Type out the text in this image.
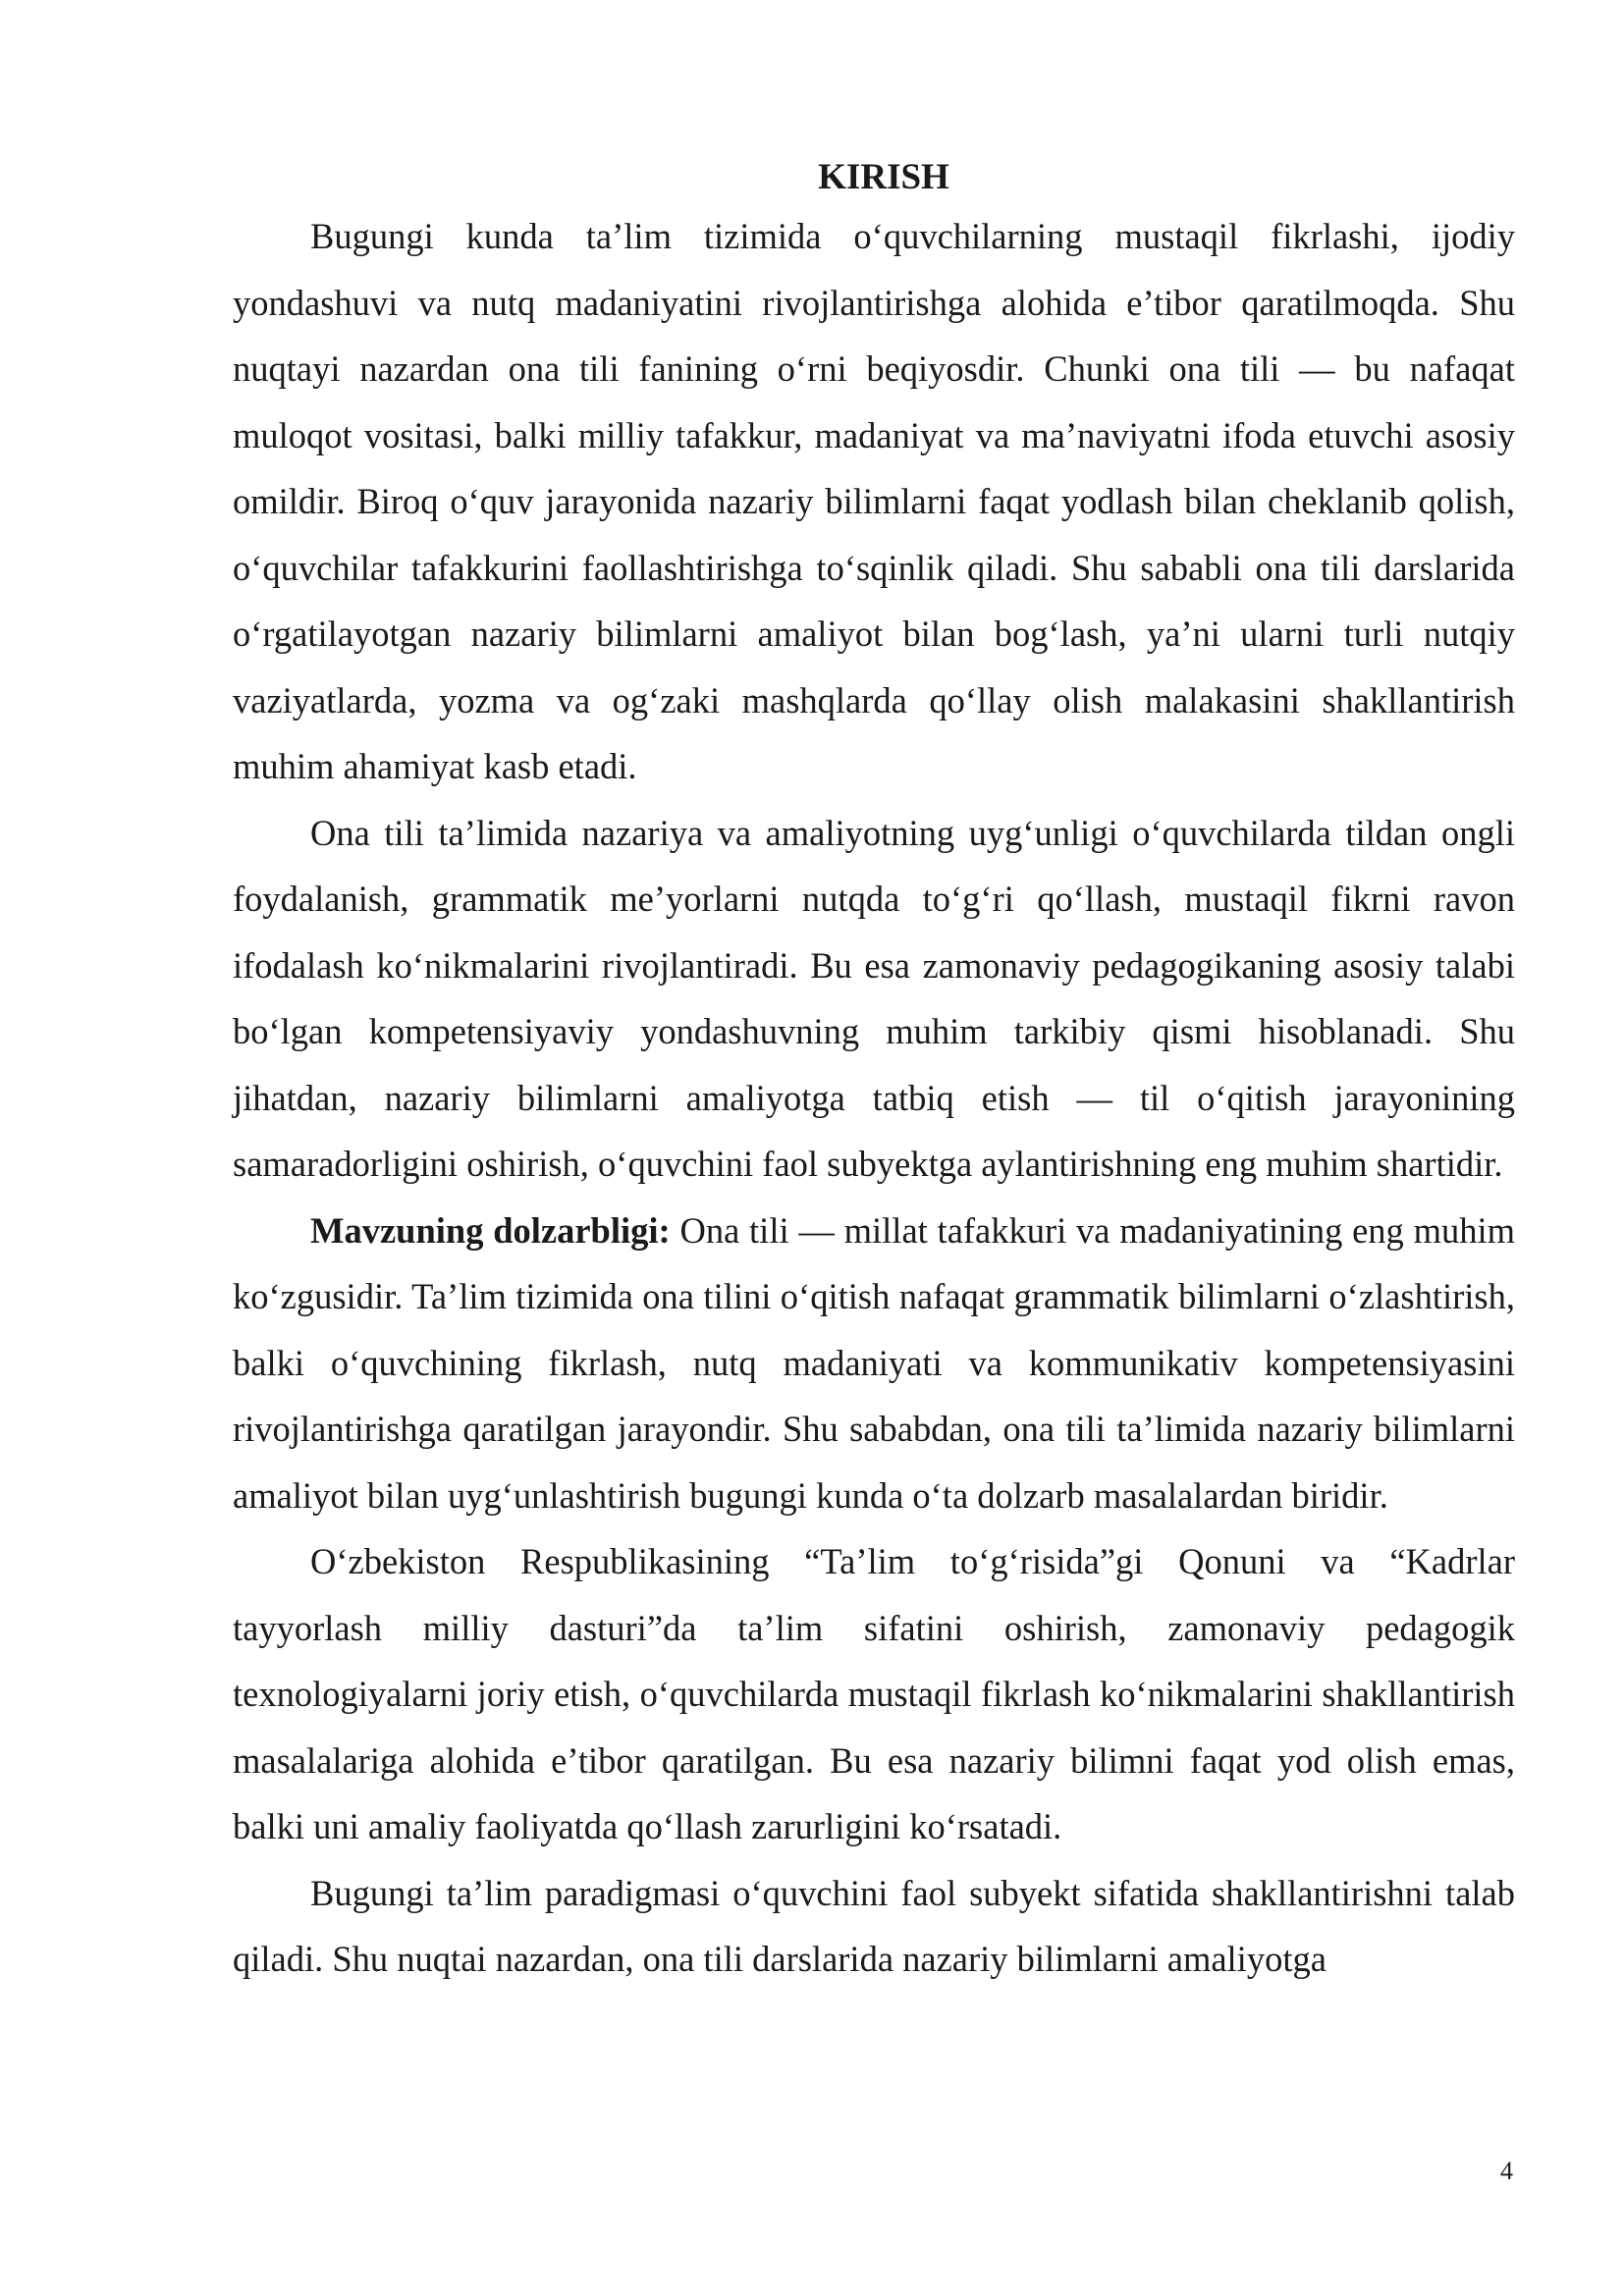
KIRISH

Bugungi kunda ta’lim tizimida o‘quvchilarning mustaqil fikrlashi, ijodiy yondashuvi va nutq madaniyatini rivojlantirishga alohida e’tibor qaratilmoqda. Shu nuqtayi nazardan ona tili fanining o‘rni beqiyosdir. Chunki ona tili — bu nafaqat muloqot vositasi, balki milliy tafakkur, madaniyat va ma’naviyatni ifoda etuvchi asosiy omildir. Biroq o‘quv jarayonida nazariy bilimlarni faqat yodlash bilan cheklanib qolish, o‘quvchilar tafakkurini faollashtirishga to‘sqinlik qiladi. Shu sababli ona tili darslarida o‘rgatilayotgan nazariy bilimlarni amaliyot bilan bog‘lash, ya’ni ularni turli nutqiy vaziyatlarda, yozma va og‘zaki mashqlarda qo‘llay olish malakasini shakllantirish muhim ahamiyat kasb etadi.

Ona tili ta’limida nazariya va amaliyotning uyg‘unligi o‘quvchilarda tildan ongli foydalanish, grammatik me’yorlarni nutqda to‘g‘ri qo‘llash, mustaqil fikrni ravon ifodalash ko‘nikmalarini rivojlantiradi. Bu esa zamonaviy pedagogikaning asosiy talabi bo‘lgan kompetensiyaviy yondashuvning muhim tarkibiy qismi hisoblanadi. Shu jihatdan, nazariy bilimlarni amaliyotga tatbiq etish — til o‘qitish jarayonining samaradorligini oshirish, o‘quvchini faol subyektga aylantirishning eng muhim shartidir.

Mavzuning dolzarbligi: Ona tili — millat tafakkuri va madaniyatining eng muhim ko‘zgusidir. Ta’lim tizimida ona tilini o‘qitish nafaqat grammatik bilimlarni o‘zlashtirish, balki o‘quvchining fikrlash, nutq madaniyati va kommunikativ kompetensiyasini rivojlantirishga qaratilgan jarayondir. Shu sababdan, ona tili ta’limida nazariy bilimlarni amaliyot bilan uyg‘unlashtirish bugungi kunda o‘ta dolzarb masalalardan biridir.

O‘zbekiston Respublikasining “Ta’lim to‘g‘risida”gi Qonuni va “Kadrlar tayyorlash milliy dasturi”da ta’lim sifatini oshirish, zamonaviy pedagogik texnologiyalarni joriy etish, o‘quvchilarda mustaqil fikrlash ko‘nikmalarini shakllantirish masalalariga alohida e’tibor qaratilgan. Bu esa nazariy bilimni faqat yod olish emas, balki uni amaliy faoliyatda qo‘llash zarurligini ko‘rsatadi.

Bugungi ta’lim paradigmasi o‘quvchini faol subyekt sifatida shakllantirishni talab qiladi. Shu nuqtai nazardan, ona tili darslarida nazariy bilimlarni amaliyotga

4
